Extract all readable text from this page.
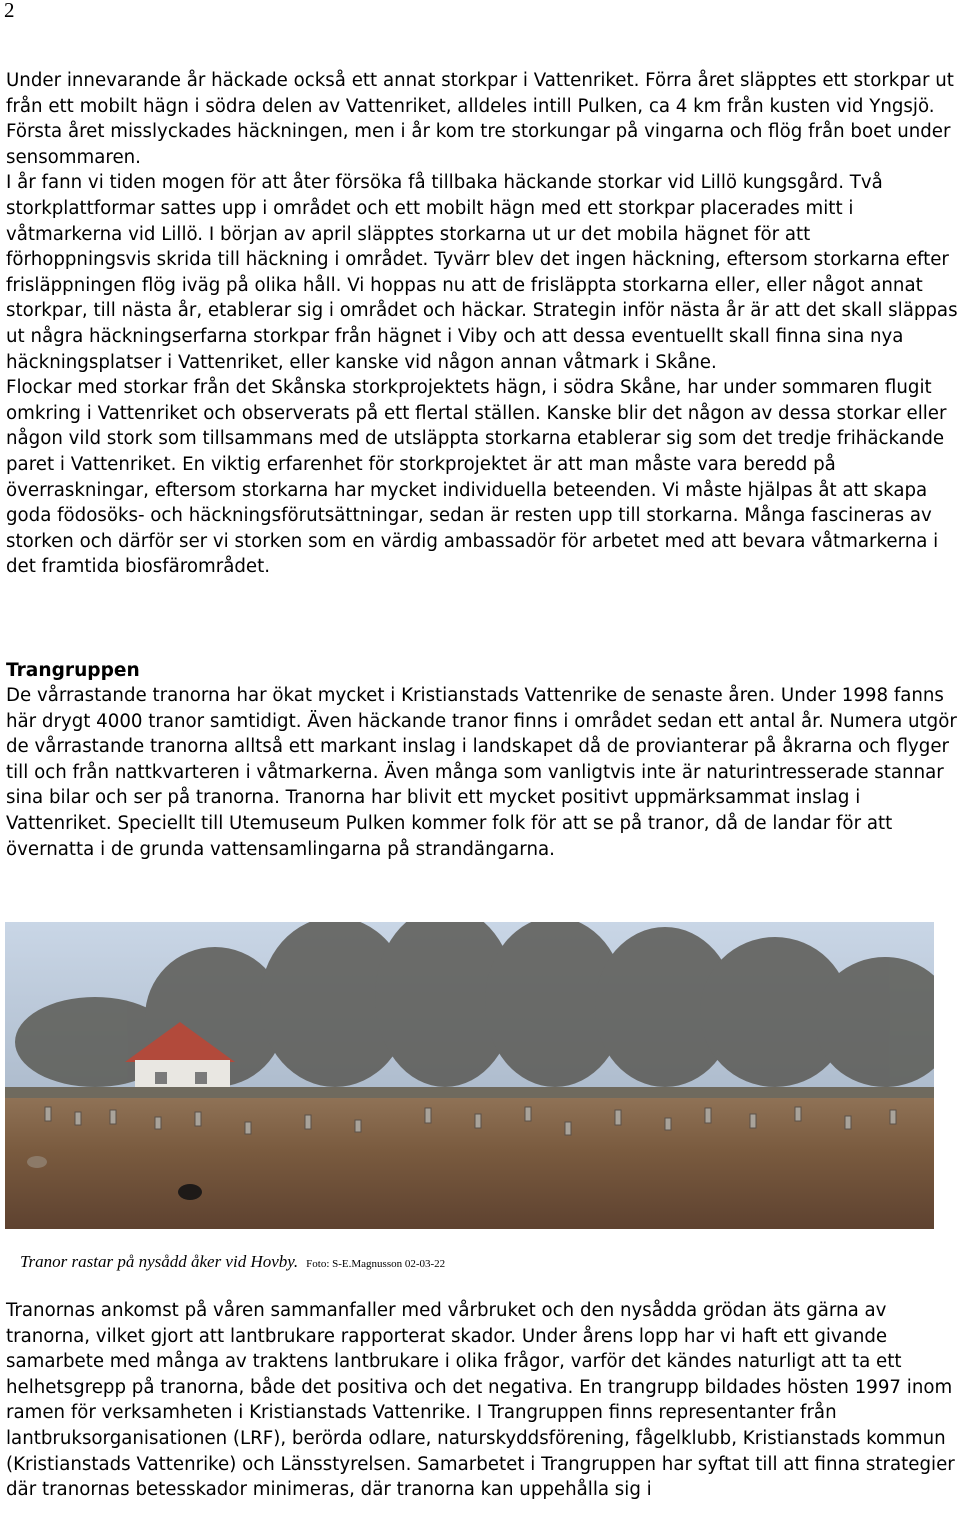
2

Under innevarande år häckade också ett annat storkpar i Vattenriket. Förra året släpptes ett storkpar ut från ett mobilt hägn i södra delen av Vattenriket, alldeles intill Pulken, ca 4 km från kusten vid Yngsjö. Första året misslyckades häckningen, men i år kom tre storkungar på vingarna och flög från boet under sensommaren.
I år fann vi tiden mogen för att åter försöka få tillbaka häckande storkar vid Lillö kungsgård. Två storkplattformar sattes upp i området och ett mobilt hägn med ett storkpar placerades mitt i våtmarkerna vid Lillö. I början av april släpptes storkarna ut ur det mobila hägnet för att förhoppningsvis skrida till häckning i området. Tyvärr blev det ingen häckning, eftersom storkarna efter frisläppningen flög iväg på olika håll. Vi hoppas nu att de frisläppta storkarna eller, eller något annat storkpar, till nästa år, etablerar sig i området och häckar. Strategin inför nästa år är att det skall släppas ut några häckningserfarna storkpar från hägnet i Viby och att dessa eventuellt skall finna sina nya häckningsplatser i Vattenriket, eller kanske vid någon annan våtmark i Skåne.
Flockar med storkar från det Skånska storkprojektets hägn, i södra Skåne, har under sommaren flugit omkring i Vattenriket och observerats på ett flertal ställen. Kanske blir det någon av dessa storkar eller någon vild stork som tillsammans med de utsläppta storkarna etablerar sig som det tredje frihäckande paret i Vattenriket. En viktig erfarenhet för storkprojektet är att man måste vara beredd på överraskningar, eftersom storkarna har mycket individuella beteenden. Vi måste hjälpas åt att skapa goda födosöks- och häckningsförutsättningar, sedan är resten upp till storkarna. Många fascineras av storken och därför ser vi storken som en värdig ambassadör för arbetet med att bevara våtmarkerna i det framtida biosfärområdet.

Trangruppen

De vårrastande tranorna har ökat mycket i Kristianstads Vattenrike de senaste åren. Under 1998 fanns här drygt 4000 tranor samtidigt. Även häckande tranor finns i området sedan ett antal år. Numera utgör de vårrastande tranorna alltså ett markant inslag i landskapet då de provianterar på åkrarna och flyger till och från nattkvarteren i våtmarkerna. Även många som vanligtvis inte är naturintresserade stannar sina bilar och ser på tranorna. Tranorna har blivit ett mycket positivt uppmärksammat inslag i Vattenriket. Speciellt till Utemuseum Pulken kommer folk för att se på tranor, då de landar för att övernatta i de grunda vattensamlingarna på strandängarna.

Tranor rastar på nysådd åker vid Hovby. Foto: S-E.Magnusson 02-03-22

Tranornas ankomst på våren sammanfaller med vårbruket och den nysådda grödan äts gärna av tranorna, vilket gjort att lantbrukare rapporterat skador. Under årens lopp har vi haft ett givande samarbete med många av traktens lantbrukare i olika frågor, varför det kändes naturligt att ta ett helhetsgrepp på tranorna, både det positiva och det negativa. En trangrupp bildades hösten 1997 inom ramen för verksamheten i Kristianstads Vattenrike. I Trangruppen finns representanter från lantbruksorganisationen (LRF), berörda odlare, naturskyddsförening, fågelklubb, Kristianstads kommun (Kristianstads Vattenrike) och Länsstyrelsen. Samarbetet i Trangruppen har syftat till att finna strategier där tranornas betesskador minimeras, där tranorna kan uppehålla sig i
